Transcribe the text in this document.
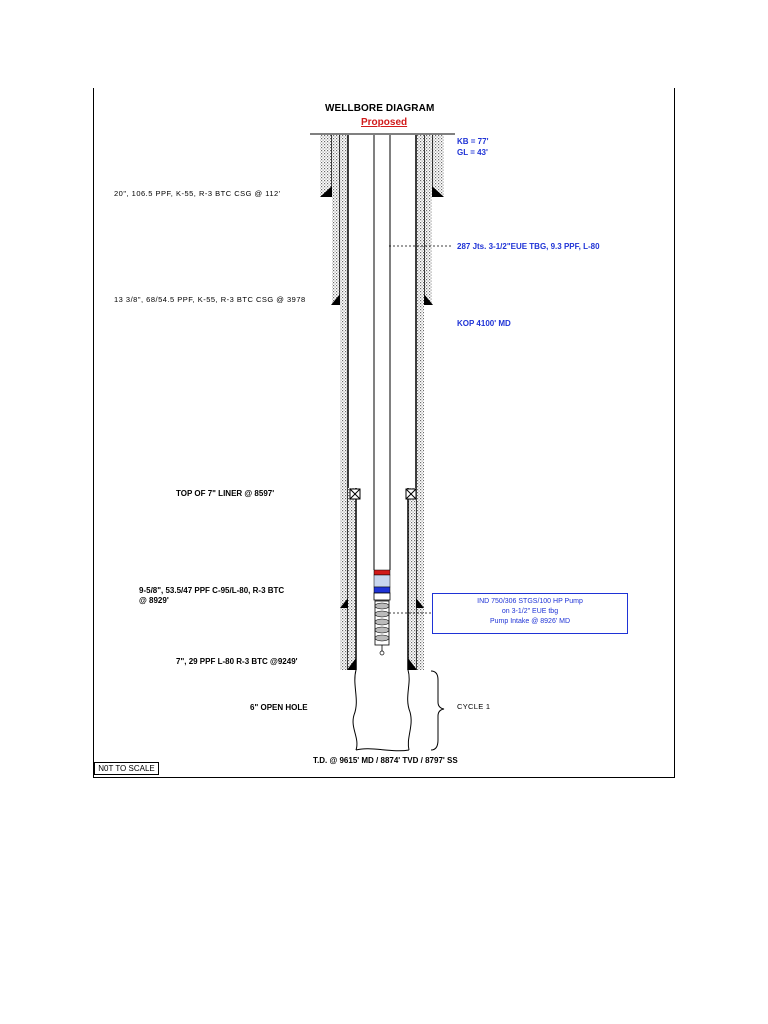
WELLBORE DIAGRAM
Proposed
KB = 77'
GL = 43'
20", 106.5 PPF, K-55, R-3 BTC CSG @ 112'
13 3/8", 68/54.5 PPF, K-55, R-3 BTC CSG @ 3978
TOP OF 7" LINER @ 8597'
9-5/8", 53.5/47 PPF C-95/L-80, R-3 BTC
@ 8929'
7", 29 PPF L-80 R-3 BTC @9249'
6" OPEN HOLE
287 Jts. 3-1/2"EUE TBG, 9.3 PPF, L-80
KOP 4100' MD
CYCLE 1
T.D. @ 9615' MD / 8874' TVD / 8797' SS
IND 750/306 STGS/100 HP Pump
on 3-1/2" EUE tbg
Pump Intake @ 8926' MD
N0T TO SCALE
